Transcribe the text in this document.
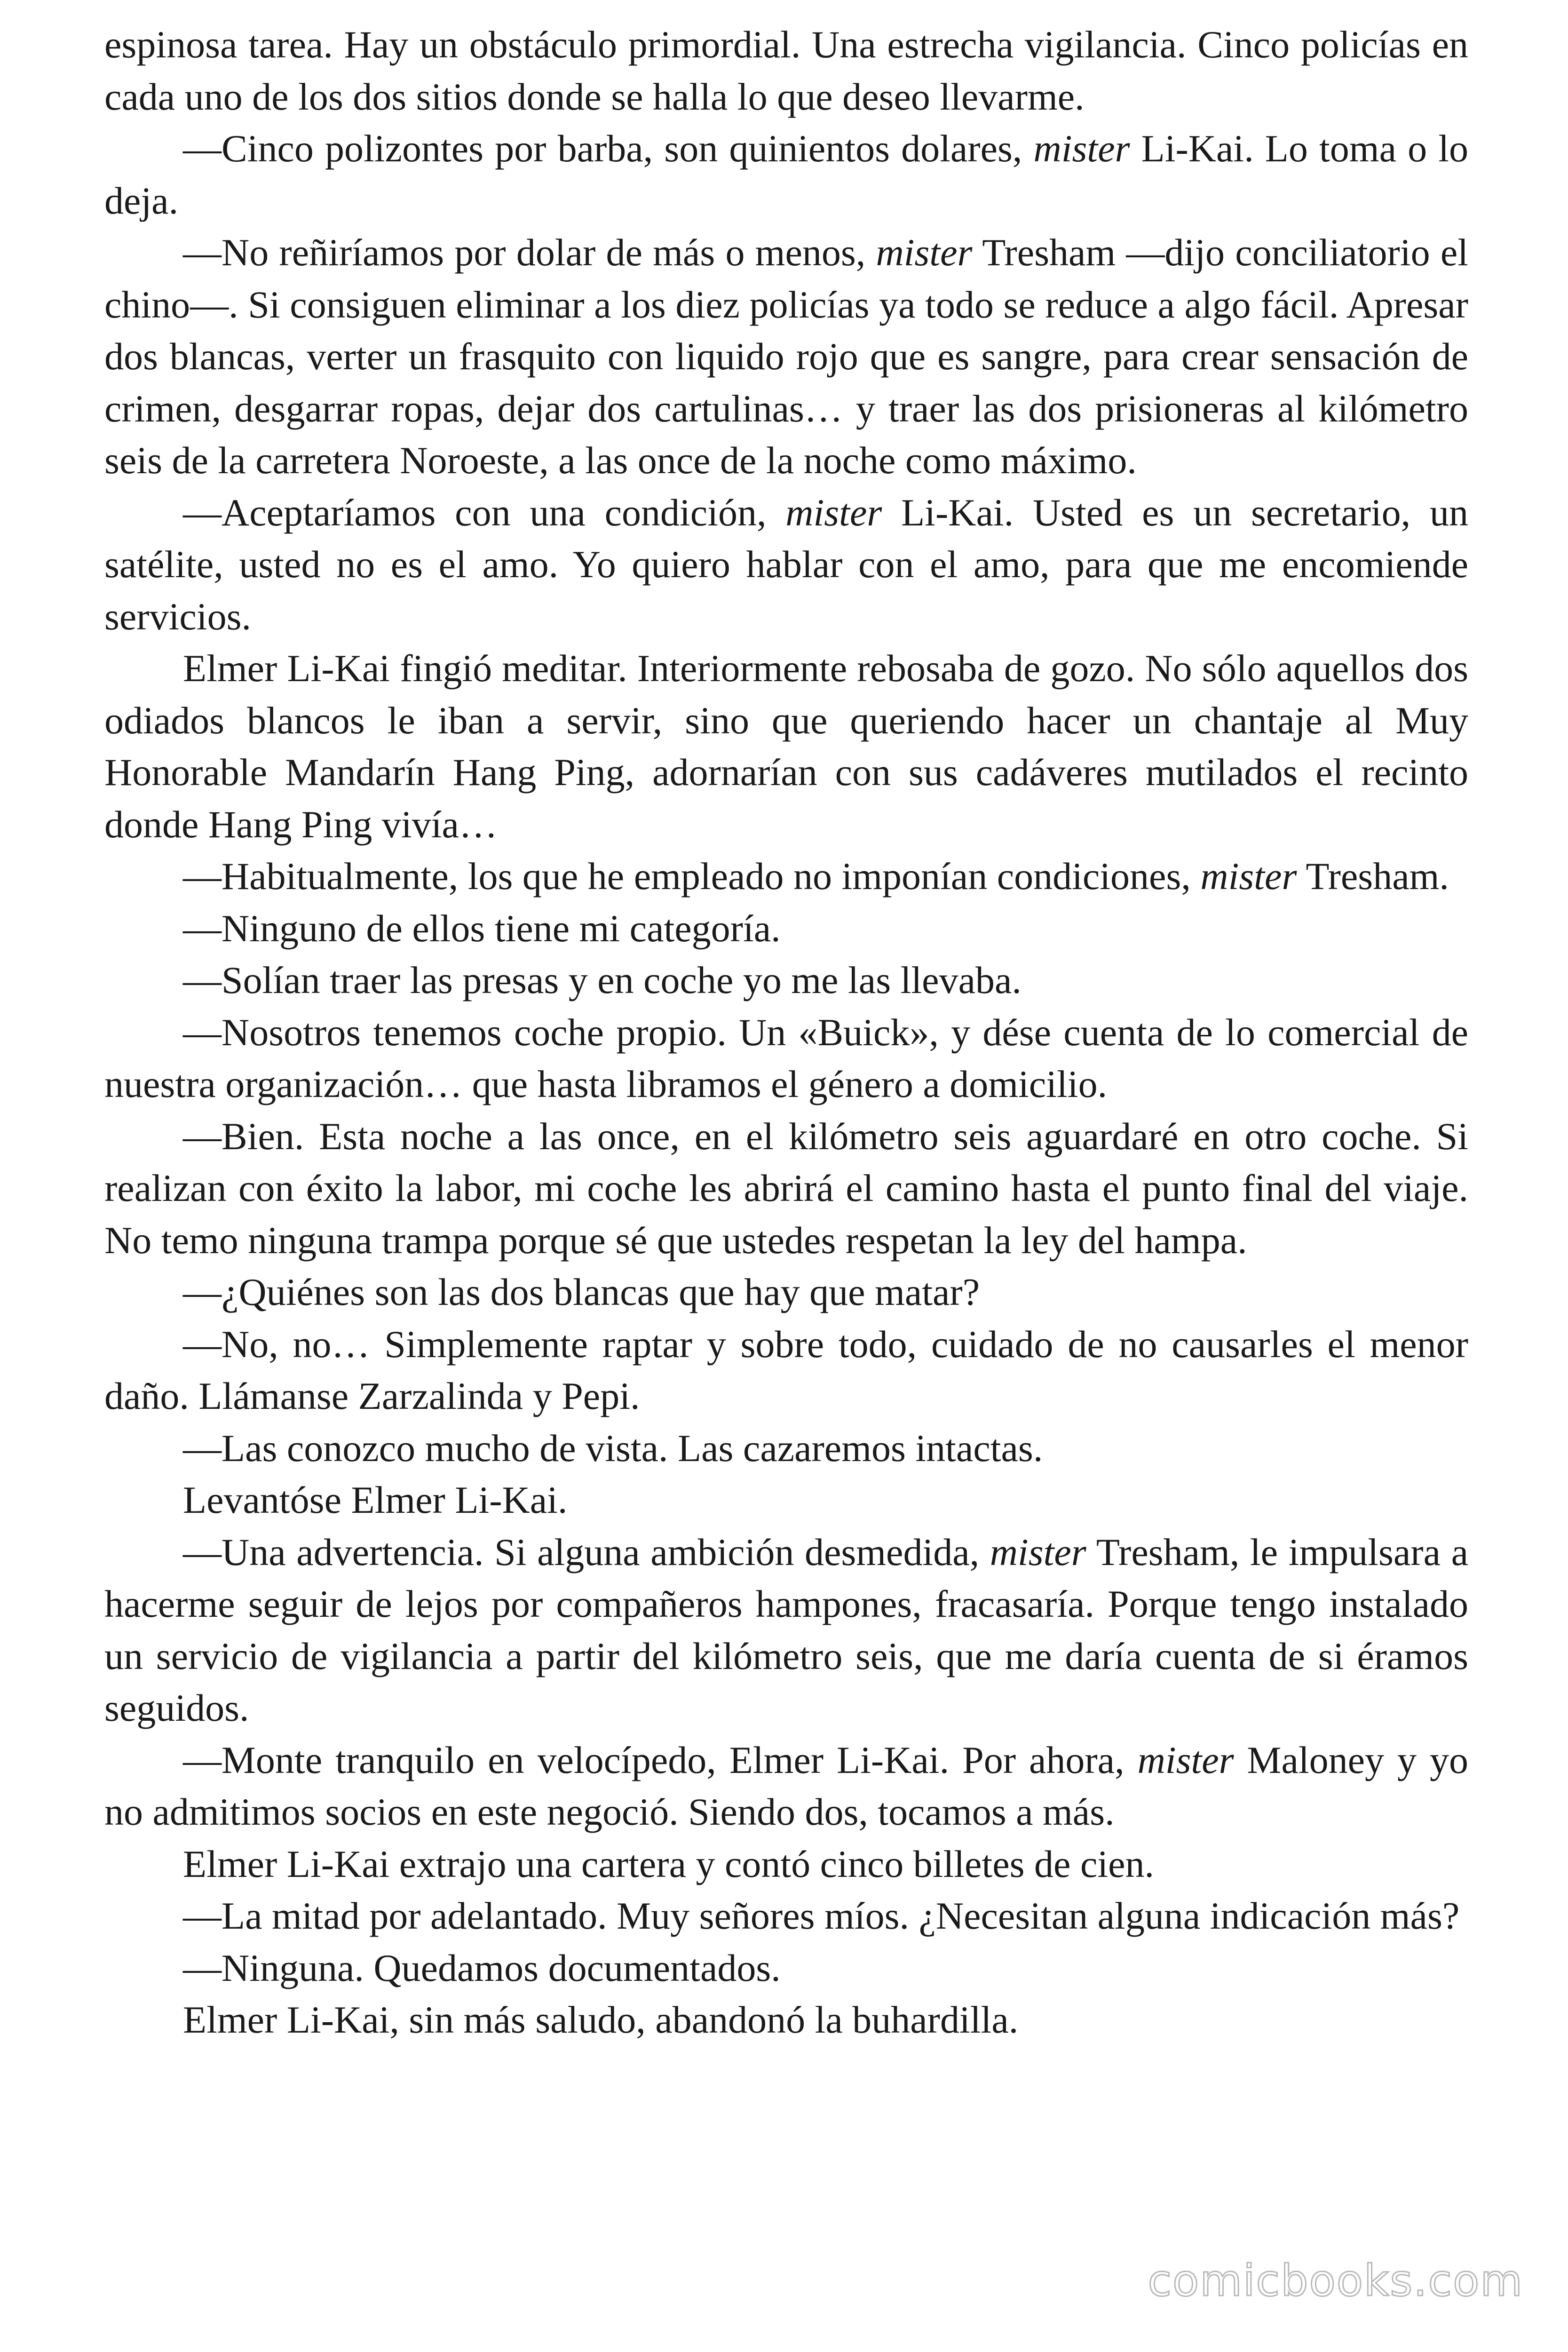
espinosa tarea. Hay un obstáculo primordial. Una estrecha vigilancia. Cinco policías en cada uno de los dos sitios donde se halla lo que deseo llevarme.

—Cinco polizontes por barba, son quinientos dolares, mister Li-Kai. Lo toma o lo deja.

—No reñiríamos por dolar de más o menos, mister Tresham —dijo conciliatorio el chino—. Si consiguen eliminar a los diez policías ya todo se reduce a algo fácil. Apresar dos blancas, verter un frasquito con liquido rojo que es sangre, para crear sensación de crimen, desgarrar ropas, dejar dos cartulinas… y traer las dos prisioneras al kilómetro seis de la carretera Noroeste, a las once de la noche como máximo.

—Aceptaríamos con una condición, mister Li-Kai. Usted es un secretario, un satélite, usted no es el amo. Yo quiero hablar con el amo, para que me encomiende servicios.

Elmer Li-Kai fingió meditar. Interiormente rebosaba de gozo. No sólo aquellos dos odiados blancos le iban a servir, sino que queriendo hacer un chantaje al Muy Honorable Mandarín Hang Ping, adornarían con sus cadáveres mutilados el recinto donde Hang Ping vivía…

—Habitualmente, los que he empleado no imponían condiciones, mister Tresham.

—Ninguno de ellos tiene mi categoría.

—Solían traer las presas y en coche yo me las llevaba.

—Nosotros tenemos coche propio. Un «Buick», y dése cuenta de lo comercial de nuestra organización… que hasta libramos el género a domicilio.

—Bien. Esta noche a las once, en el kilómetro seis aguardaré en otro coche. Si realizan con éxito la labor, mi coche les abrirá el camino hasta el punto final del viaje. No temo ninguna trampa porque sé que ustedes respetan la ley del hampa.

—¿Quiénes son las dos blancas que hay que matar?

—No, no… Simplemente raptar y sobre todo, cuidado de no causarles el menor daño. Llámanse Zarzalinda y Pepi.

—Las conozco mucho de vista. Las cazaremos intactas.

Levantóse Elmer Li-Kai.

—Una advertencia. Si alguna ambición desmedida, mister Tresham, le impulsara a hacerme seguir de lejos por compañeros hampones, fracasaría. Porque tengo instalado un servicio de vigilancia a partir del kilómetro seis, que me daría cuenta de si éramos seguidos.

—Monte tranquilo en velocípedo, Elmer Li-Kai. Por ahora, mister Maloney y yo no admitimos socios en este negoció. Siendo dos, tocamos a más.

Elmer Li-Kai extrajo una cartera y contó cinco billetes de cien.

—La mitad por adelantado. Muy señores míos. ¿Necesitan alguna indicación más?

—Ninguna. Quedamos documentados.

Elmer Li-Kai, sin más saludo, abandonó la buhardilla.

comicbooks.com
